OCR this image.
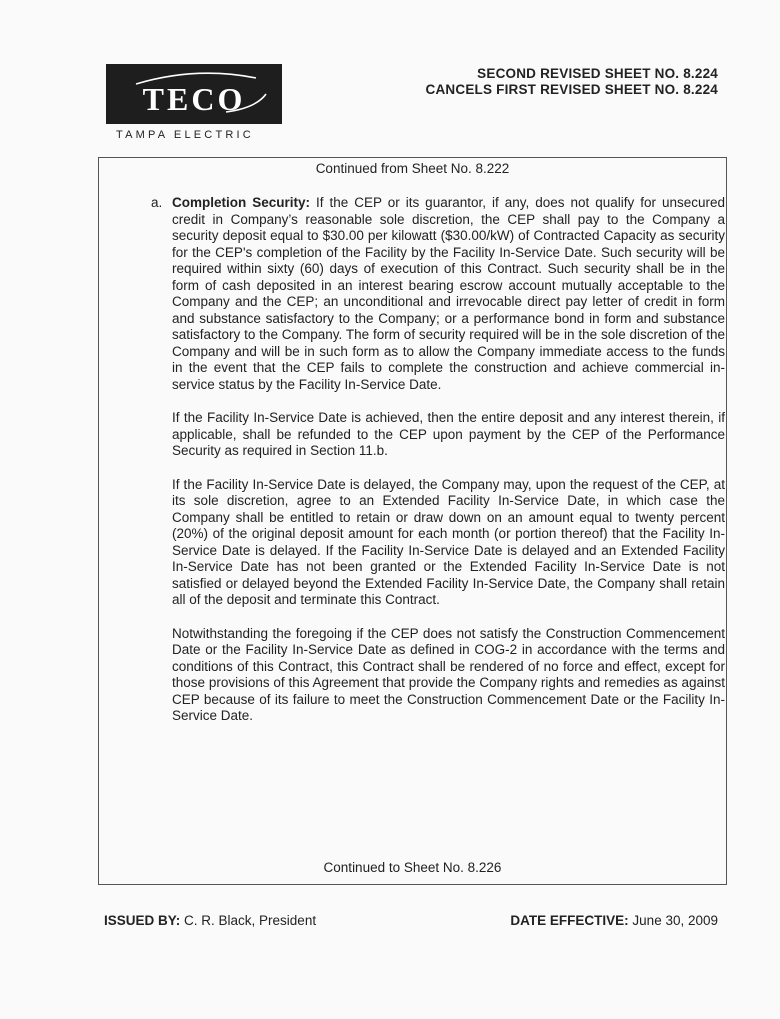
TECO
TAMPA ELECTRIC
SECOND REVISED SHEET NO. 8.224
CANCELS FIRST REVISED SHEET NO. 8.224
Continued from Sheet No. 8.222
a. Completion Security: If the CEP or its guarantor, if any, does not qualify for unsecured credit in Company’s reasonable sole discretion, the CEP shall pay to the Company a security deposit equal to $30.00 per kilowatt ($30.00/kW) of Contracted Capacity as security for the CEP's completion of the Facility by the Facility In-Service Date. Such security will be required within sixty (60) days of execution of this Contract. Such security shall be in the form of cash deposited in an interest bearing escrow account mutually acceptable to the Company and the CEP; an unconditional and irrevocable direct pay letter of credit in form and substance satisfactory to the Company; or a performance bond in form and substance satisfactory to the Company. The form of security required will be in the sole discretion of the Company and will be in such form as to allow the Company immediate access to the funds in the event that the CEP fails to complete the construction and achieve commercial in-service status by the Facility In-Service Date.

If the Facility In-Service Date is achieved, then the entire deposit and any interest therein, if applicable, shall be refunded to the CEP upon payment by the CEP of the Performance Security as required in Section 11.b.

If the Facility In-Service Date is delayed, the Company may, upon the request of the CEP, at its sole discretion, agree to an Extended Facility In-Service Date, in which case the Company shall be entitled to retain or draw down on an amount equal to twenty percent (20%) of the original deposit amount for each month (or portion thereof) that the Facility In-Service Date is delayed. If the Facility In-Service Date is delayed and an Extended Facility In-Service Date has not been granted or the Extended Facility In-Service Date is not satisfied or delayed beyond the Extended Facility In-Service Date, the Company shall retain all of the deposit and terminate this Contract.

Notwithstanding the foregoing if the CEP does not satisfy the Construction Commencement Date or the Facility In-Service Date as defined in COG-2 in accordance with the terms and conditions of this Contract, this Contract shall be rendered of no force and effect, except for those provisions of this Agreement that provide the Company rights and remedies as against CEP because of its failure to meet the Construction Commencement Date or the Facility In-Service Date.

Continued to Sheet No. 8.226
ISSUED BY: C. R. Black, President	DATE EFFECTIVE: June 30, 2009
